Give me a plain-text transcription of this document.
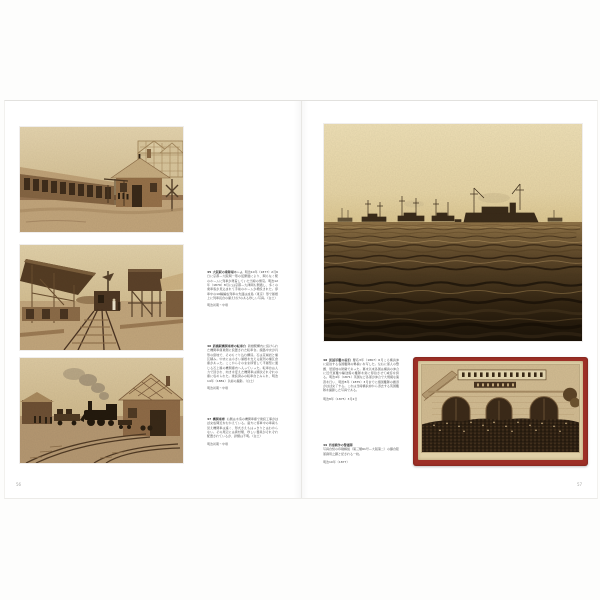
45 大阪駅の乗降場ホーム 明治10年（1877）2月6日に京都—大阪間一帯の仮開通により、間もなく駅のホームに列車が発着していた当時の情景。明治12年（1879）8月には京都—大津間も開通し、多くの乗車客が見込まれて手前のホームが増設された。停車中の10輛編成列車の先頭は成島（東京）形で屋根上に列車長台の備え付けのある珍しい写真。（白土）

明治初期～中頃

46 新橋駅機関車庫の転車台 新橋駅構内に設けられた機関車庫東側に設置された転車台。線路中央が円形の窪地で、そのもぐり込む構造。石は花崗岩と煉瓦積み。中央には小さい屋根を支える縦列の煉瓦倉庫があった。ここからそのまま移管して平屋型に通じる石上屋の機関庫内へ入っていった。転車台は人力で回され、向きを変えた機関車は順次それぞれの庫に収められた。建設済みの転車台とみられ、明治14年（1881）以前の撮影。（白土）

明治初期～中頃

47 機関車庫 右側は木造の機関車庫で建設工事がほぼ完成間近をむかえている。遠方に停車中の車両も見え機関車は遠く、形式さえもはっきりとはわからない。その周辺には資材類、珍しい器具がそれぞれ配置されているが、詳細は不明。（白土）

明治初期～中頃

56

48 異国軍艦の碇泊 慶応3年（1867）6月ころ横浜沖に碇泊する各国艦隊の勢揃いを写した。左右に軍人の警護、居留地の防衛であった。幕末以来各国は横浜の沖合に近代軍艦や輸送船の艦隊を常に停泊させて威容を誇る。明治4年（1871）英国など各軍が沖合で大規模な演習を行い、明治8年（1875）3月までに諸国艦隊の撤退がほぼ完了する。これは当時横浜沖から退去する英国艦隊を撮影した写真である。

明治8年（1875）3月2日

49 西南戦争の警護隊

写真台紙の印刷解説（第三類61号—大阪第二）の鎮台陸軍御用之蹟と記される一枚。

明治10年（1877）

57
